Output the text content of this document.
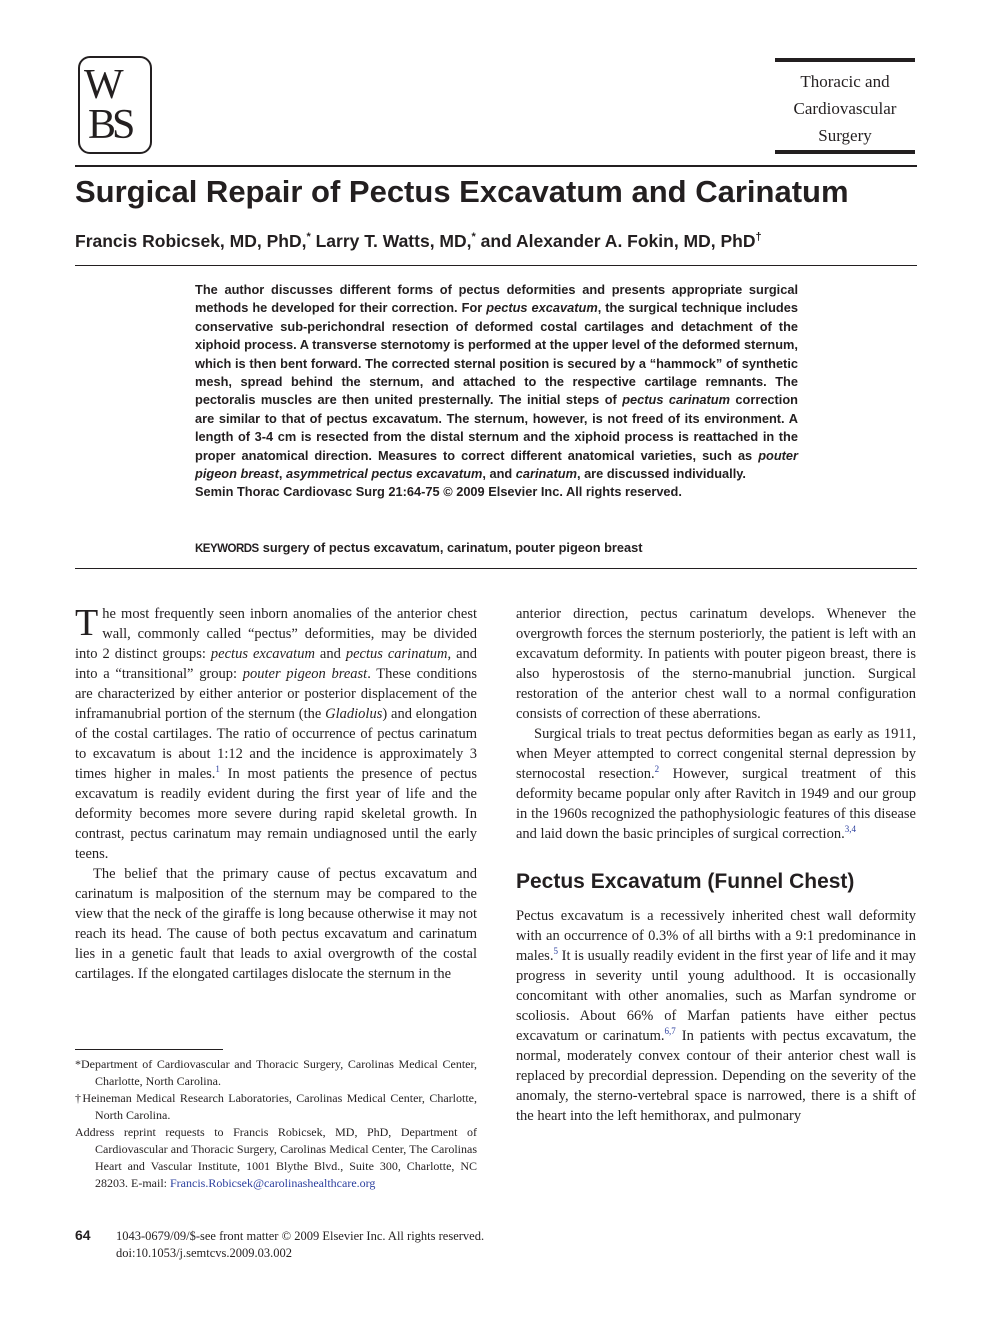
W
BS
Thoracic and
Cardiovascular
Surgery
Surgical Repair of Pectus Excavatum and Carinatum
Francis Robicsek, MD, PhD,* Larry T. Watts, MD,* and Alexander A. Fokin, MD, PhD†
The author discusses different forms of pectus deformities and presents appropriate surgical methods he developed for their correction. For pectus excavatum, the surgical technique includes conservative sub-perichondral resection of deformed costal cartilages and detachment of the xiphoid process. A transverse sternotomy is performed at the upper level of the deformed sternum, which is then bent forward. The corrected sternal position is secured by a “hammock” of synthetic mesh, spread behind the sternum, and attached to the respective cartilage remnants. The pectoralis muscles are then united presternally. The initial steps of pectus carinatum correction are similar to that of pectus excavatum. The sternum, however, is not freed of its environment. A length of 3-4 cm is resected from the distal sternum and the xiphoid process is reattached in the proper anatomical direction. Measures to correct different anatomical varieties, such as pouter pigeon breast, asymmetrical pectus excavatum, and carinatum, are discussed individually.
Semin Thorac Cardiovasc Surg 21:64-75 © 2009 Elsevier Inc. All rights reserved.
KEYWORDS surgery of pectus excavatum, carinatum, pouter pigeon breast

The most frequently seen inborn anomalies of the anterior chest wall, commonly called “pectus” deformities, may be divided into 2 distinct groups: pectus excavatum and pectus carinatum, and into a “transitional” group: pouter pigeon breast. These conditions are characterized by either anterior or posterior displacement of the inframanubrial portion of the sternum (the Gladiolus) and elongation of the costal cartilages. The ratio of occurrence of pectus carinatum to excavatum is about 1:12 and the incidence is approximately 3 times higher in males.$^1$ In most patients the presence of pectus excavatum is readily evident during the first year of life and the deformity becomes more severe during rapid skeletal growth. In contrast, pectus carinatum may remain undiagnosed until the early teens.

The belief that the primary cause of pectus excavatum and carinatum is malposition of the sternum may be compared to the view that the neck of the giraffe is long because otherwise it may not reach its head. The cause of both pectus excavatum and carinatum lies in a genetic fault that leads to axial overgrowth of the costal cartilages. If the elongated cartilages dislocate the sternum in the

anterior direction, pectus carinatum develops. Whenever the overgrowth forces the sternum posteriorly, the patient is left with an excavatum deformity. In patients with pouter pigeon breast, there is also hyperostosis of the sterno-manubrial junction. Surgical restoration of the anterior chest wall to a normal configuration consists of correction of these aberrations.

Surgical trials to treat pectus deformities began as early as 1911, when Meyer attempted to correct congenital sternal depression by sternocostal resection.$^2$ However, surgical treatment of this deformity became popular only after Ravitch in 1949 and our group in the 1960s recognized the pathophysiologic features of this disease and laid down the basic principles of surgical correction.$^{3,4}$

Pectus Excavatum (Funnel Chest)

Pectus excavatum is a recessively inherited chest wall deformity with an occurrence of 0.3% of all births with a 9:1 predominance in males.$^5$ It is usually readily evident in the first year of life and it may progress in severity until young adulthood. It is occasionally concomitant with other anomalies, such as Marfan syndrome or scoliosis. About 66% of Marfan patients have either pectus excavatum or carinatum.$^{6,7}$ In patients with pectus excavatum, the normal, moderately convex contour of their anterior chest wall is replaced by precordial depression. Depending on the severity of the anomaly, the sterno-vertebral space is narrowed, there is a shift of the heart into the left hemithorax, and pulmonary

*Department of Cardiovascular and Thoracic Surgery, Carolinas Medical Center, Charlotte, North Carolina.

†Heineman Medical Research Laboratories, Carolinas Medical Center, Charlotte, North Carolina.

Address reprint requests to Francis Robicsek, MD, PhD, Department of Cardiovascular and Thoracic Surgery, Carolinas Medical Center, The Carolinas Heart and Vascular Institute, 1001 Blythe Blvd., Suite 300, Charlotte, NC 28203. E-mail: Francis.Robicsek@carolinashealthcare.org

64 1043-0679/09/$-see front matter © 2009 Elsevier Inc. All rights reserved.
doi:10.1053/j.semtcvs.2009.03.002
